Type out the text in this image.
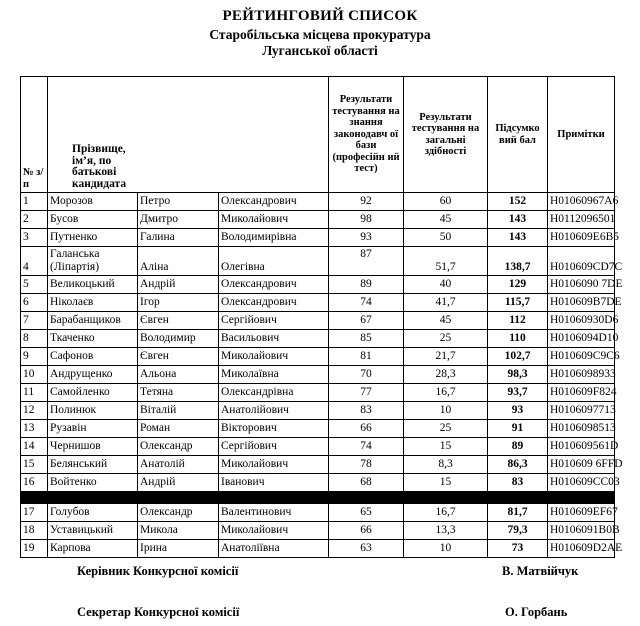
РЕЙТИНГОВИЙ СПИСОК
Старобільська місцева прокуратура
Луганської області
№ з/п	Прізвище, ім’я, по батькові кандидата			Результати тестування на знання законодавч ої бази (професійн ий тест)	Результати тестування на загальні здібності	Підсумко вий бал	Примітки
1	Морозов	Петро	Олександрович	92	60	152	Н01060967А6
2	Бусов	Дмитро	Миколайович	98	45	143	Н0112096501
3	Путненко	Галина	Володимирівна	93	50	143	Н010609Е6В5
4	Галанська (Ліпартія)	Аліна	Олегівна	87	51,7	138,7	Н010609CD7C
5	Великоцький	Андрій	Олександрович	89	40	129	Н0106090 7DE
6	Ніколаєв	Ігор	Олександрович	74	41,7	115,7	Н010609В7DE
7	Барабанщиков	Євген	Сергійович	67	45	112	Н01060930D6
8	Ткаченко	Володимир	Васильович	85	25	110	Н0106094D10
9	Сафонов	Євген	Миколайович	81	21,7	102,7	Н010609С9С6
10	Андрущенко	Альона	Миколаївна	70	28,3	98,3	Н010609893З
11	Самойленко	Тетяна	Олександрівна	77	16,7	93,7	Н010609F824
12	Полинюк	Віталій	Анатолійович	83	10	93	Н0106097713
13	Рузавін	Роман	Вікторович	66	25	91	Н0106098513
14	Чернишов	Олександр	Сергійович	74	15	89	Н010609561D
15	Белянський	Анатолій	Миколайович	78	8,3	86,3	Н010609 6FFD
16	Войтенко	Андрій	Іванович	68	15	83	Н010609СС03

17	Голубов	Олександр	Валентинович	65	16,7	81,7	Н010609EF67
18	Уставицький	Микола	Миколайович	66	13,3	79,3	Н0106091В0В
19	Карпова	Ірина	Анатоліївна	63	10	73	Н010609D2AE
Керівник Конкурсної комісії	В. Матвійчук
Секретар Конкурсної комісії	О. Горбань
